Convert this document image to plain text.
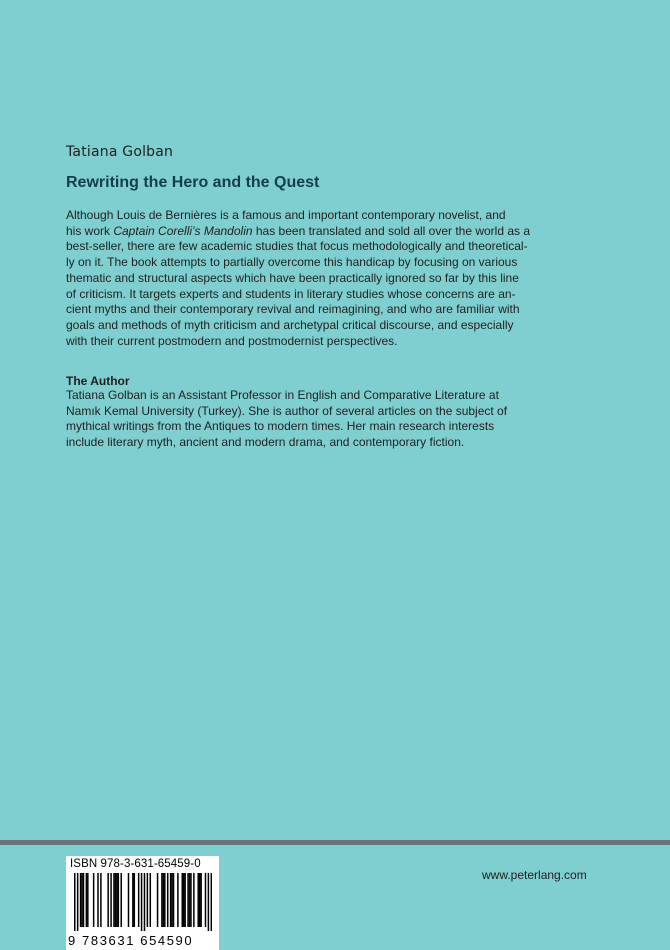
Tatiana Golban
Rewriting the Hero and the Quest
Although Louis de Bernières is a famous and important contemporary novelist, and
his work Captain Corelli’s Mandolin has been translated and sold all over the world as a
best-seller, there are few academic studies that focus methodologically and theoretical-
ly on it. The book attempts to partially overcome this handicap by focusing on various
thematic and structural aspects which have been practically ignored so far by this line
of criticism. It targets experts and students in literary studies whose concerns are an-
cient myths and their contemporary revival and reimagining, and who are familiar with
goals and methods of myth criticism and archetypal critical discourse, and especially
with their current postmodern and postmodernist perspectives.
The Author
Tatiana Golban is an Assistant Professor in English and Comparative Literature at
Namık Kemal University (Turkey). She is author of several articles on the subject of
mythical writings from the Antiques to modern times. Her main research interests
include literary myth, ancient and modern drama, and contemporary fiction.
ISBN 978-3-631-65459-0
9 783631 654590
www.peterlang.com
